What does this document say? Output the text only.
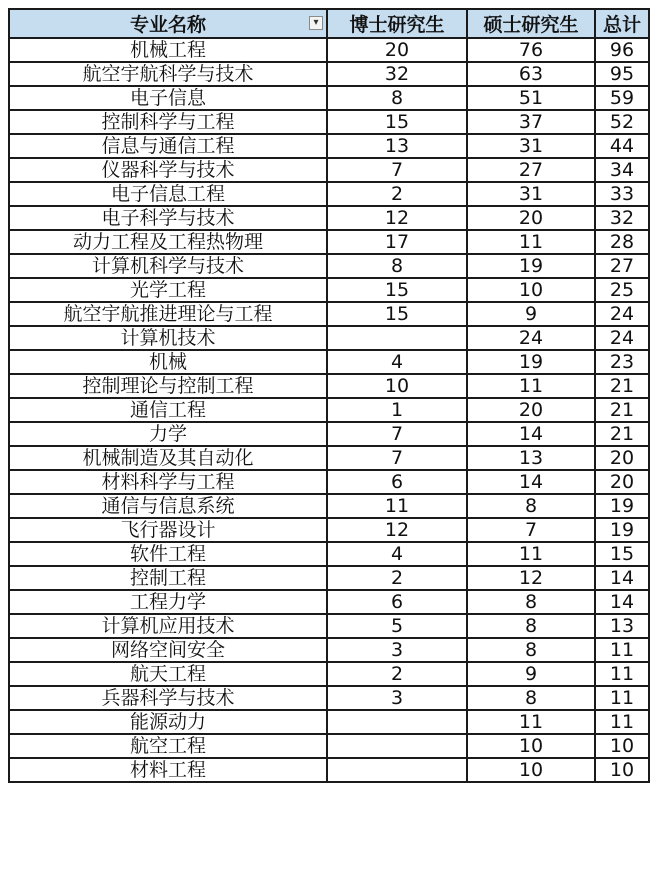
专业名称 ▾	博士研究生	硕士研究生	总计
机械工程	20	76	96
航空宇航科学与技术	32	63	95
电子信息	8	51	59
控制科学与工程	15	37	52
信息与通信工程	13	31	44
仪器科学与技术	7	27	34
电子信息工程	2	31	33
电子科学与技术	12	20	32
动力工程及工程热物理	17	11	28
计算机科学与技术	8	19	27
光学工程	15	10	25
航空宇航推进理论与工程	15	9	24
计算机技术		24	24
机械	4	19	23
控制理论与控制工程	10	11	21
通信工程	1	20	21
力学	7	14	21
机械制造及其自动化	7	13	20
材料科学与工程	6	14	20
通信与信息系统	11	8	19
飞行器设计	12	7	19
软件工程	4	11	15
控制工程	2	12	14
工程力学	6	8	14
计算机应用技术	5	8	13
网络空间安全	3	8	11
航天工程	2	9	11
兵器科学与技术	3	8	11
能源动力		11	11
航空工程		10	10
材料工程		10	10
